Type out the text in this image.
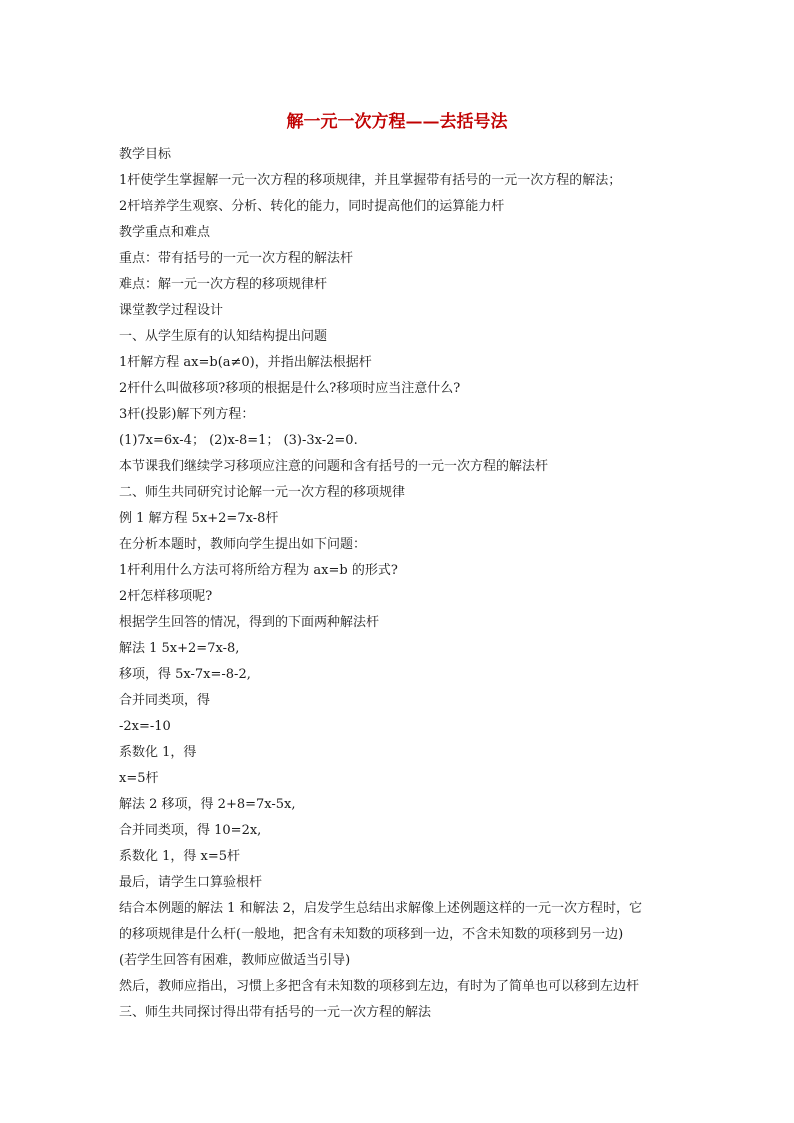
解一元一次方程——去括号法
教学目标
1杆使学生掌握解一元一次方程的移项规律，并且掌握带有括号的一元一次方程的解法；
2杆培养学生观察、分析、转化的能力，同时提高他们的运算能力杆
教学重点和难点
重点：带有括号的一元一次方程的解法杆
难点：解一元一次方程的移项规律杆
课堂教学过程设计
一、从学生原有的认知结构提出问题
1杆解方程 ax=b(a≠0)，并指出解法根据杆
2杆什么叫做移项?移项的根据是什么?移项时应当注意什么?
3杆(投影)解下列方程：
(1)7x=6x-4； (2)x-8=1； (3)-3x-2=0.
本节课我们继续学习移项应注意的问题和含有括号的一元一次方程的解法杆
二、师生共同研究讨论解一元一次方程的移项规律
例 1 解方程 5x+2=7x-8杆
在分析本题时，教师向学生提出如下问题：
1杆利用什么方法可将所给方程为 ax=b 的形式?
2杆怎样移项呢?
根据学生回答的情况，得到的下面两种解法杆
解法 1 5x+2=7x-8,
移项，得 5x-7x=-8-2,
合并同类项，得
-2x=-10
系数化 1，得
x=5杆
解法 2 移项，得 2+8=7x-5x,
合并同类项，得 10=2x,
系数化 1，得 x=5杆
最后，请学生口算验根杆
结合本例题的解法 1 和解法 2，启发学生总结出求解像上述例题这样的一元一次方程时，它
的移项规律是什么杆(一般地，把含有未知数的项移到一边，不含未知数的项移到另一边)
(若学生回答有困难，教师应做适当引导)
然后，教师应指出，习惯上多把含有未知数的项移到左边，有时为了简单也可以移到左边杆
三、师生共同探讨得出带有括号的一元一次方程的解法
